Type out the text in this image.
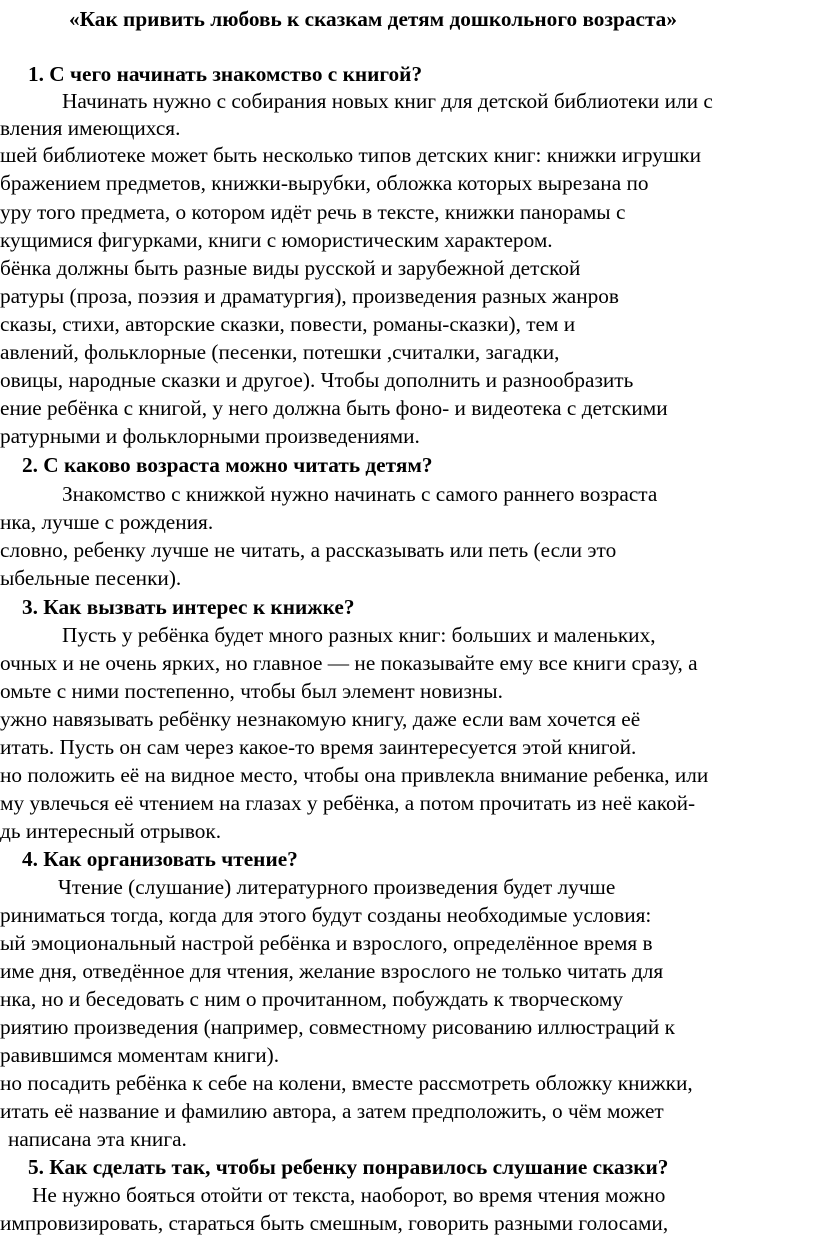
«Как привить любовь к сказкам детям дошкольного возраста»
1. С чего начинать знакомство с книгой?
Начинать нужно с собирания новых книг для детской библиотеки или с
вления имеющихся.
шей библиотеке может быть несколько типов детских книг: книжки игрушки
бражением предметов, книжки-вырубки, обложка которых вырезана по
уру того предмета, о котором идёт речь в тексте, книжки панорамы с
кущимися фигурками, книги с юмористическим характером.
бёнка должны быть разные виды русской и зарубежной детской
ратуры (проза, поэзия и драматургия), произведения разных жанров
сказы, стихи, авторские сказки, повести, романы-сказки), тем и
авлений, фольклорные (песенки, потешки ,считалки, загадки,
овицы, народные сказки и другое). Чтобы дополнить и разнообразить
ение ребёнка с книгой, у него должна быть фоно- и видеотека с детскими
ратурными и фольклорными произведениями.
2. С каково возраста можно читать детям?
Знакомство с книжкой нужно начинать с самого раннего возраста
нка, лучше с рождения.
словно, ребенку лучше не читать, а рассказывать или петь (если это
ыбельные песенки).
3. Как вызвать интерес к книжке?
Пусть у ребёнка будет много разных книг: больших и маленьких,
очных и не очень ярких, но главное — не показывайте ему все книги сразу, а
омьте с ними постепенно, чтобы был элемент новизны.
ужно навязывать ребёнку незнакомую книгу, даже если вам хочется её
итать. Пусть он сам через какое-то время заинтересуется этой книгой.
но положить её на видное место, чтобы она привлекла внимание ребенка, или
му увлечься её чтением на глазах у ребёнка, а потом прочитать из неё какой-
дь интересный отрывок.
4. Как организовать чтение?
Чтение (слушание) литературного произведения будет лучше
риниматься тогда, когда для этого будут созданы необходимые условия:
ый эмоциональный настрой ребёнка и взрослого, определённое время в
име дня, отведённое для чтения, желание взрослого не только читать для
нка, но и беседовать с ним о прочитанном, побуждать к творческому
риятию произведения (например, совместному рисованию иллюстраций к
равившимся моментам книги).
но посадить ребёнка к себе на колени, вместе рассмотреть обложку книжки,
итать её название и фамилию автора, а затем предположить, о чём может
написана эта книга.
5. Как сделать так, чтобы ребенку понравилось слушание сказки?
Не нужно бояться отойти от текста, наоборот, во время чтения можно
импровизировать, стараться быть смешным, говорить разными голосами,
